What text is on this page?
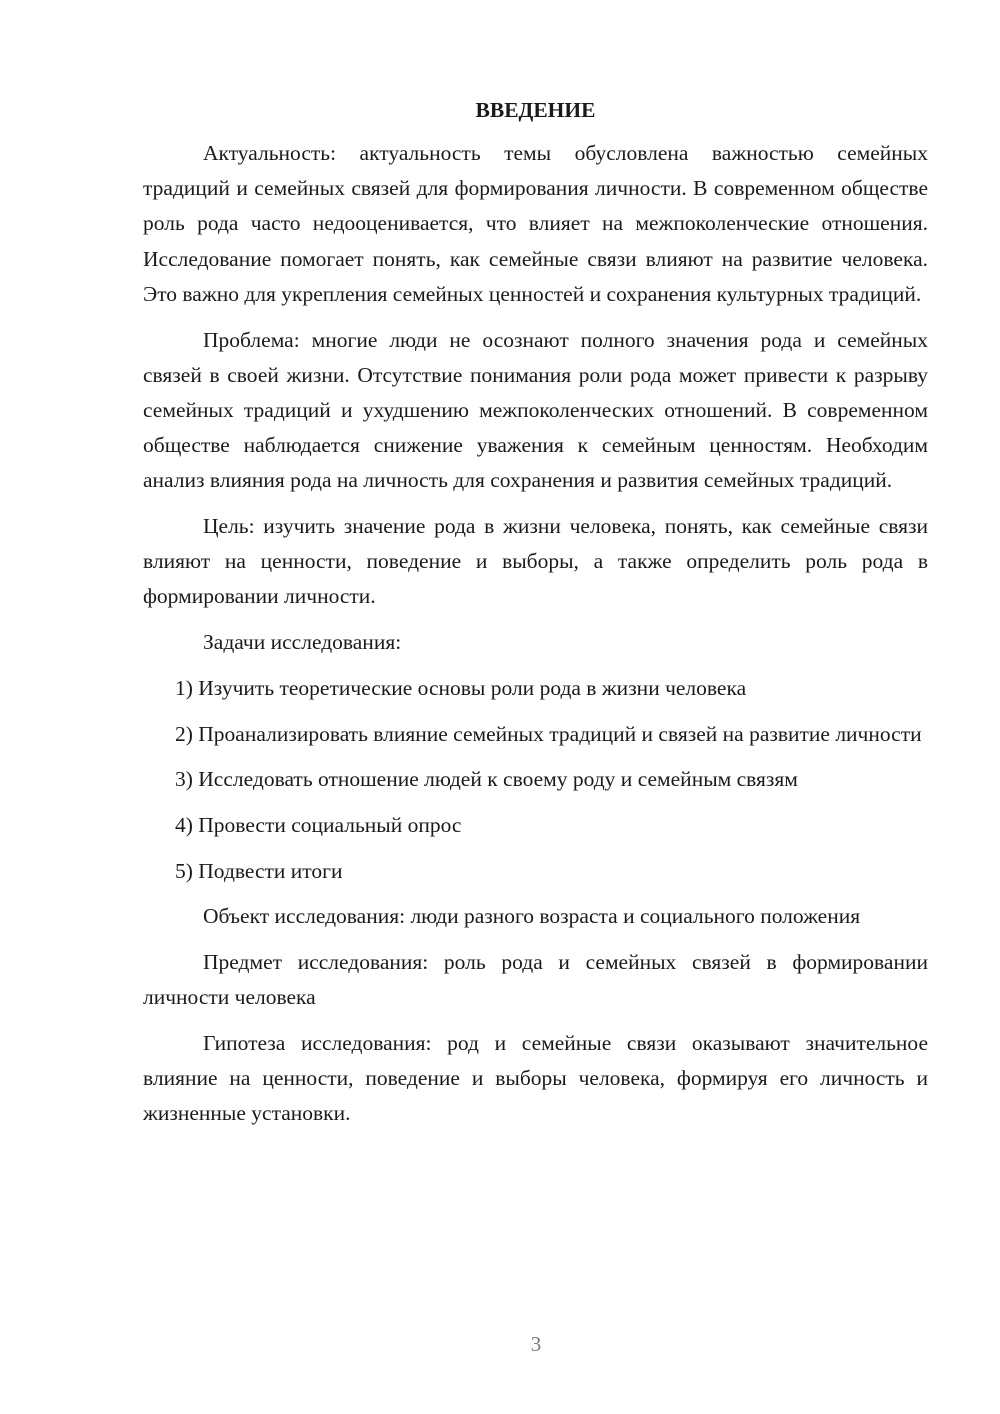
ВВЕДЕНИЕ

Актуальность: актуальность темы обусловлена важностью семейных традиций и семейных связей для формирования личности. В современном обществе роль рода часто недооценивается, что влияет на межпоколенческие отношения. Исследование помогает понять, как семейные связи влияют на развитие человека. Это важно для укрепления семейных ценностей и сохранения культурных традиций.

Проблема: многие люди не осознают полного значения рода и семейных связей в своей жизни. Отсутствие понимания роли рода может привести к разрыву семейных традиций и ухудшению межпоколенческих отношений. В современном обществе наблюдается снижение уважения к семейным ценностям. Необходим анализ влияния рода на личность для сохранения и развития семейных традиций.

Цель: изучить значение рода в жизни человека, понять, как семейные связи влияют на ценности, поведение и выборы, а также определить роль рода в формировании личности.

Задачи исследования:

1) Изучить теоретические основы роли рода в жизни человека

2) Проанализировать влияние семейных традиций и связей на развитие личности

3) Исследовать отношение людей к своему роду и семейным связям

4) Провести социальный опрос

5) Подвести итоги

Объект исследования: люди разного возраста и социального положения

Предмет исследования: роль рода и семейных связей в формировании личности человека

Гипотеза исследования: род и семейные связи оказывают значительное влияние на ценности, поведение и выборы человека, формируя его личность и жизненные установки.

3
